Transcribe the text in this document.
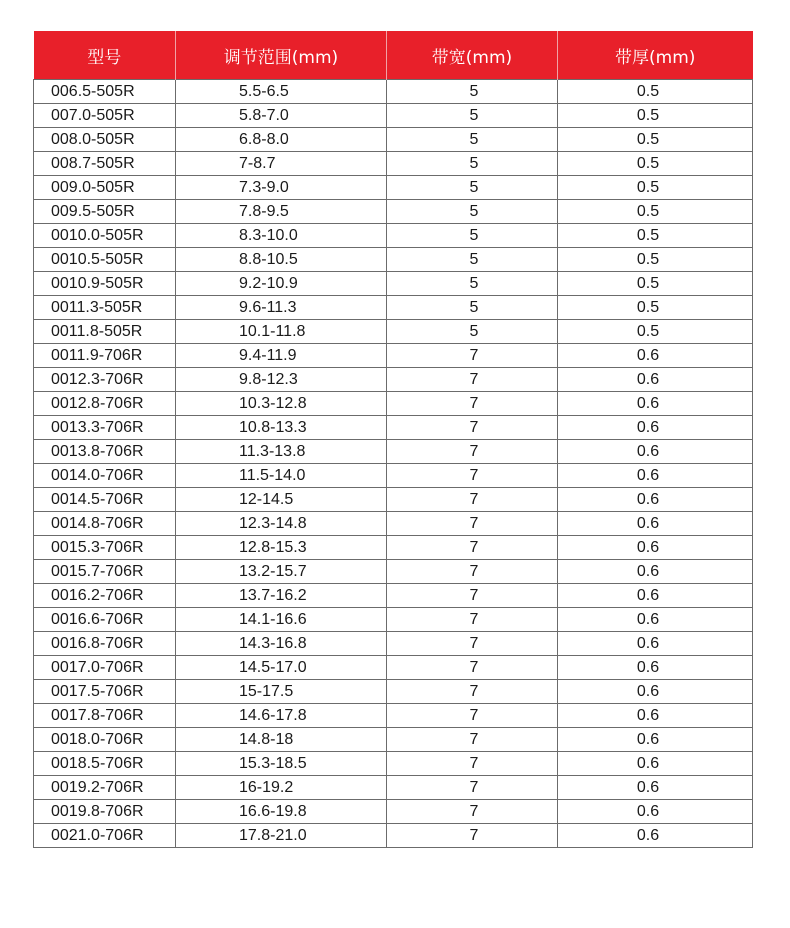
型号	调节范围(mm)	带宽(mm)	带厚(mm)
006.5-505R	5.5-6.5	5	0.5
007.0-505R	5.8-7.0	5	0.5
008.0-505R	6.8-8.0	5	0.5
008.7-505R	7-8.7	5	0.5
009.0-505R	7.3-9.0	5	0.5
009.5-505R	7.8-9.5	5	0.5
0010.0-505R	8.3-10.0	5	0.5
0010.5-505R	8.8-10.5	5	0.5
0010.9-505R	9.2-10.9	5	0.5
0011.3-505R	9.6-11.3	5	0.5
0011.8-505R	10.1-11.8	5	0.5
0011.9-706R	9.4-11.9	7	0.6
0012.3-706R	9.8-12.3	7	0.6
0012.8-706R	10.3-12.8	7	0.6
0013.3-706R	10.8-13.3	7	0.6
0013.8-706R	11.3-13.8	7	0.6
0014.0-706R	11.5-14.0	7	0.6
0014.5-706R	12-14.5	7	0.6
0014.8-706R	12.3-14.8	7	0.6
0015.3-706R	12.8-15.3	7	0.6
0015.7-706R	13.2-15.7	7	0.6
0016.2-706R	13.7-16.2	7	0.6
0016.6-706R	14.1-16.6	7	0.6
0016.8-706R	14.3-16.8	7	0.6
0017.0-706R	14.5-17.0	7	0.6
0017.5-706R	15-17.5	7	0.6
0017.8-706R	14.6-17.8	7	0.6
0018.0-706R	14.8-18	7	0.6
0018.5-706R	15.3-18.5	7	0.6
0019.2-706R	16-19.2	7	0.6
0019.8-706R	16.6-19.8	7	0.6
0021.0-706R	17.8-21.0	7	0.6
